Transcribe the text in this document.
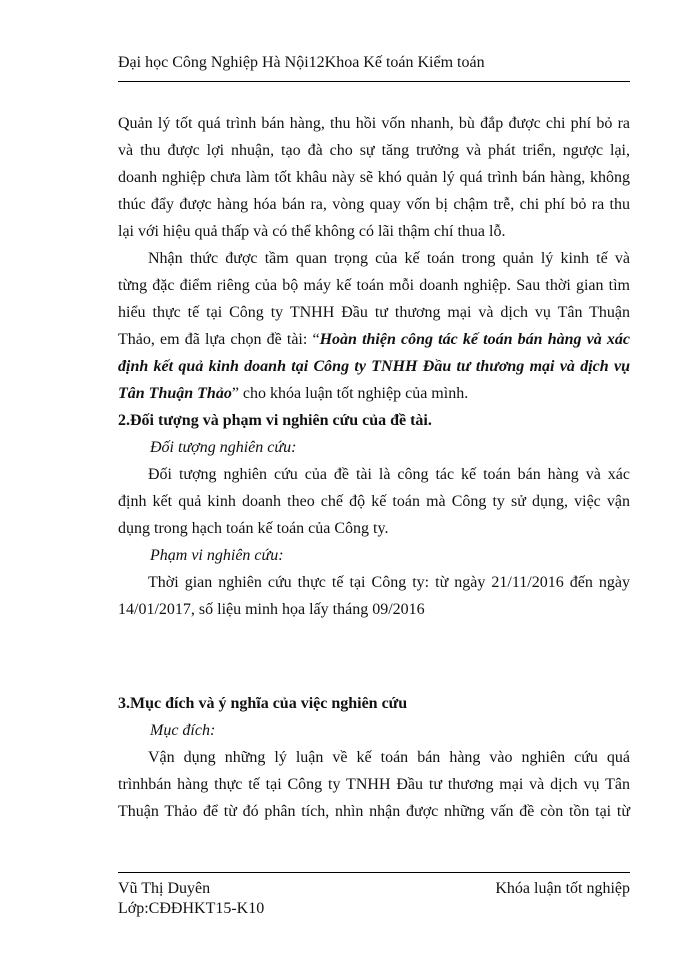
Đại học Công Nghiệp Hà Nội12Khoa Kế toán Kiểm toán
Quản lý tốt quá trình bán hàng, thu hồi vốn nhanh, bù đắp được chi phí bỏ ra
và thu được lợi nhuận, tạo đà cho sự tăng trưởng và phát triển, ngược lại,
doanh nghiệp chưa làm tốt khâu này sẽ khó quản lý quá trình bán hàng, không
thúc đẩy được hàng hóa bán ra, vòng quay vốn bị chậm trễ, chi phí bỏ ra thu
lại với hiệu quả thấp và có thể không có lãi thậm chí thua lỗ.
Nhận thức được tầm quan trọng của kế toán trong quản lý kinh tế và
từng đặc điểm riêng của bộ máy kế toán mỗi doanh nghiệp. Sau thời gian tìm
hiểu thực tế tại Công ty TNHH Đầu tư thương mại và dịch vụ Tân Thuận
Thảo, em đã lựa chọn đề tài: “Hoàn thiện công tác kế toán bán hàng và xác
định kết quả kinh doanh tại Công ty TNHH Đầu tư thương mại và dịch vụ
Tân Thuận Thảo” cho khóa luận tốt nghiệp của mình.
2.Đối tượng và phạm vi nghiên cứu của đề tài.
Đối tượng nghiên cứu:
Đối tượng nghiên cứu của đề tài là công tác kế toán bán hàng và xác
định kết quả kinh doanh theo chế độ kế toán mà Công ty sử dụng, việc vận
dụng trong hạch toán kế toán của Công ty.
Phạm vi nghiên cứu:
Thời gian nghiên cứu thực tế tại Công ty: từ ngày 21/11/2016 đến ngày
14/01/2017, số liệu minh họa lấy tháng 09/2016
3.Mục đích và ý nghĩa của việc nghiên cứu
Mục đích:
Vận dụng những lý luận về kế toán bán hàng vào nghiên cứu quá
trìnhbán hàng thực tế tại Công ty TNHH Đầu tư thương mại và dịch vụ Tân
Thuận Thảo để từ đó phân tích, nhìn nhận được những vấn đề còn tồn tại từ
Vũ Thị Duyên	Khóa luận tốt nghiệp
Lớp:CĐĐHKT15-K10
